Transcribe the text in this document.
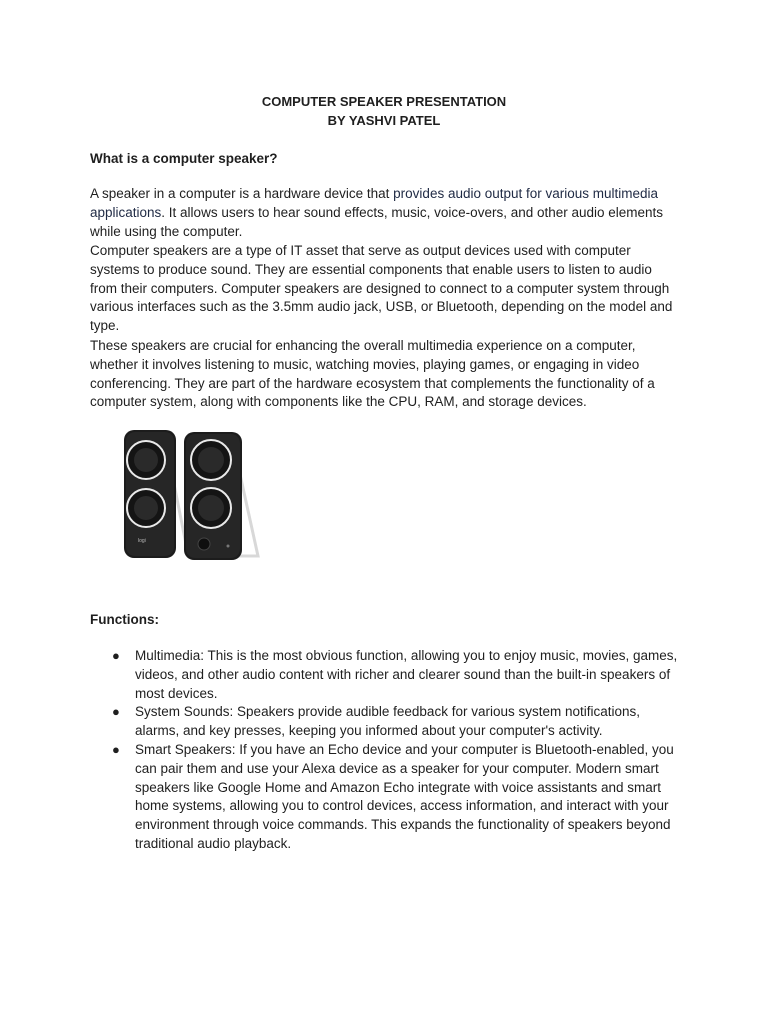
COMPUTER SPEAKER PRESENTATION
BY YASHVI PATEL
What is a computer speaker?

A speaker in a computer is a hardware device that provides audio output for various multimedia applications. It allows users to hear sound effects, music, voice-overs, and other audio elements while using the computer.

Computer speakers are a type of IT asset that serve as output devices used with computer systems to produce sound. They are essential components that enable users to listen to audio from their computers. Computer speakers are designed to connect to a computer system through various interfaces such as the 3.5mm audio jack, USB, or Bluetooth, depending on the model and type.

These speakers are crucial for enhancing the overall multimedia experience on a computer, whether it involves listening to music, watching movies, playing games, or engaging in video conferencing. They are part of the hardware ecosystem that complements the functionality of a computer system, along with components like the CPU, RAM, and storage devices.

logi
Functions:
● Multimedia: This is the most obvious function, allowing you to enjoy music, movies, games, videos, and other audio content with richer and clearer sound than the built-in speakers of most devices.
● System Sounds: Speakers provide audible feedback for various system notifications, alarms, and key presses, keeping you informed about your computer's activity.
● Smart Speakers: If you have an Echo device and your computer is Bluetooth-enabled, you can pair them and use your Alexa device as a speaker for your computer. Modern smart speakers like Google Home and Amazon Echo integrate with voice assistants and smart home systems, allowing you to control devices, access information, and interact with your environment through voice commands. This expands the functionality of speakers beyond traditional audio playback.
